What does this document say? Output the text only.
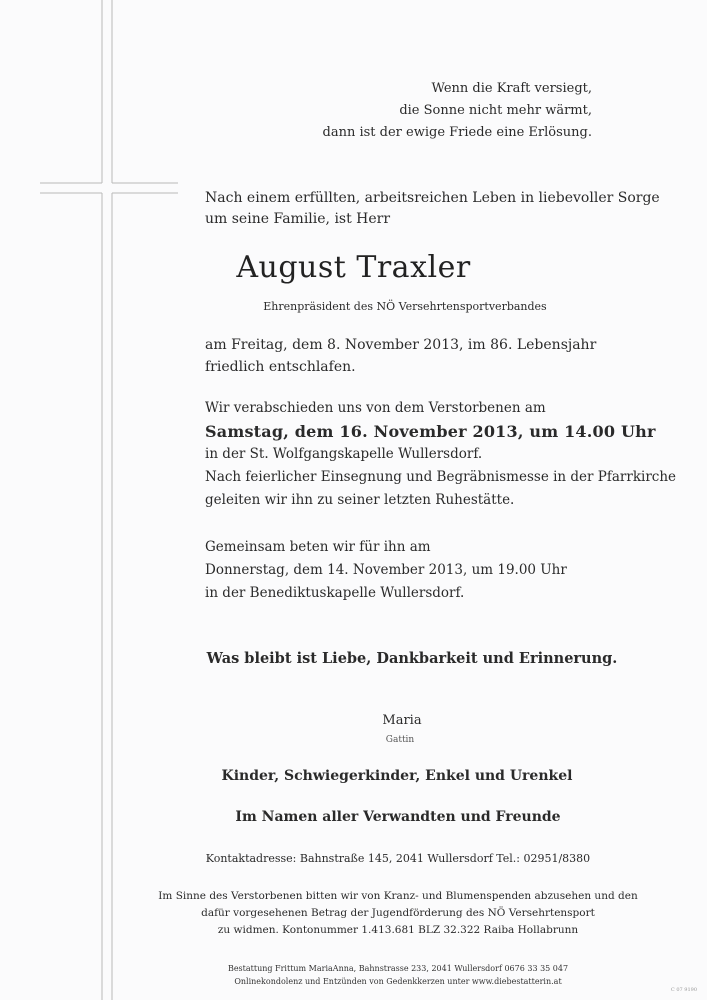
Wenn die Kraft versiegt,
die Sonne nicht mehr wärmt,
dann ist der ewige Friede eine Erlösung.
Nach einem erfüllten, arbeitsreichen Leben in liebevoller Sorge
um seine Familie, ist Herr
August Traxler
Ehrenpräsident des NÖ Versehrtensportverbandes
am Freitag, dem 8. November 2013, im 86. Lebensjahr
friedlich entschlafen.
Wir verabschieden uns von dem Verstorbenen am
Samstag, dem 16. November 2013, um 14.00 Uhr
in der St. Wolfgangskapelle Wullersdorf.
Nach feierlicher Einsegnung und Begräbnismesse in der Pfarrkirche
geleiten wir ihn zu seiner letzten Ruhestätte.
Gemeinsam beten wir für ihn am
Donnerstag, dem 14. November 2013, um 19.00 Uhr
in der Benediktuskapelle Wullersdorf.
Was bleibt ist Liebe, Dankbarkeit und Erinnerung.
Maria
Gattin
Kinder, Schwiegerkinder, Enkel und Urenkel
Im Namen aller Verwandten und Freunde
Kontaktadresse: Bahnstraße 145, 2041 Wullersdorf Tel.: 02951/8380
Im Sinne des Verstorbenen bitten wir von Kranz- und Blumenspenden abzusehen und den
dafür vorgesehenen Betrag der Jugendförderung des NÖ Versehrtensport
zu widmen. Kontonummer 1.413.681 BLZ 32.322 Raiba Hollabrunn
Bestattung Frittum MariaAnna, Bahnstrasse 233, 2041 Wullersdorf 0676 33 35 047
Onlinekondolenz und Entzünden von Gedenkkerzen unter www.diebestatterin.at
C 07 9190
